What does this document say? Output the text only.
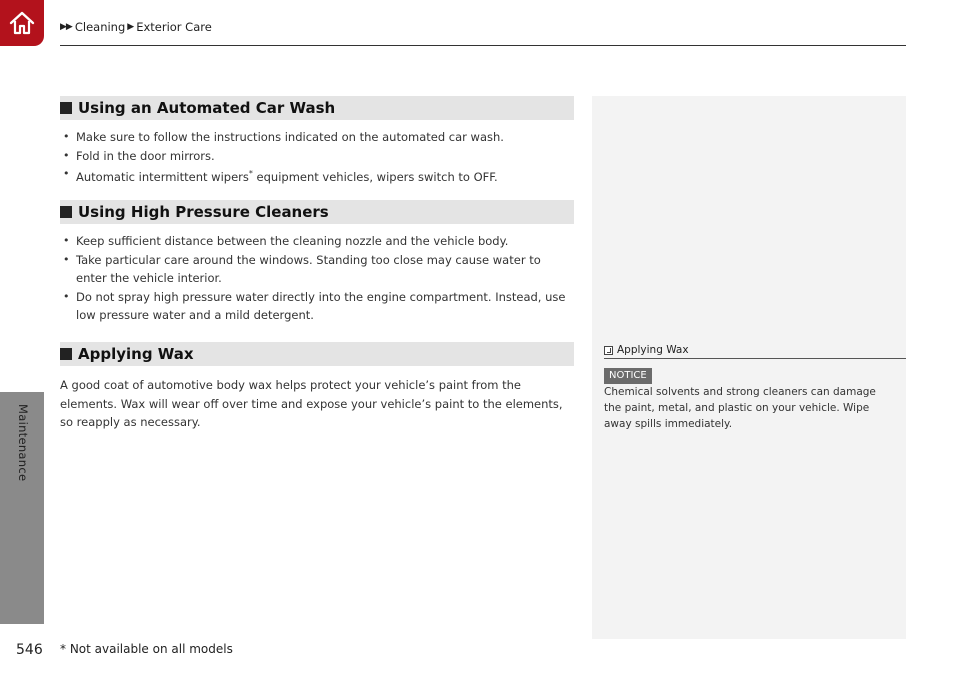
▶▶ Cleaning ▶ Exterior Care
Maintenance
Using an Automated Car Wash
• Make sure to follow the instructions indicated on the automated car wash.
• Fold in the door mirrors.
• Automatic intermittent wipers* equipment vehicles, wipers switch to OFF.
Using High Pressure Cleaners
• Keep sufficient distance between the cleaning nozzle and the vehicle body.
• Take particular care around the windows. Standing too close may cause water to enter the vehicle interior.
• Do not spray high pressure water directly into the engine compartment. Instead, use low pressure water and a mild detergent.
Applying Wax

A good coat of automotive body wax helps protect your vehicle’s paint from the elements. Wax will wear off over time and expose your vehicle’s paint to the elements, so reapply as necessary.

Applying Wax
NOTICE

Chemical solvents and strong cleaners can damage the paint, metal, and plastic on your vehicle. Wipe away spills immediately.

546 * Not available on all models
